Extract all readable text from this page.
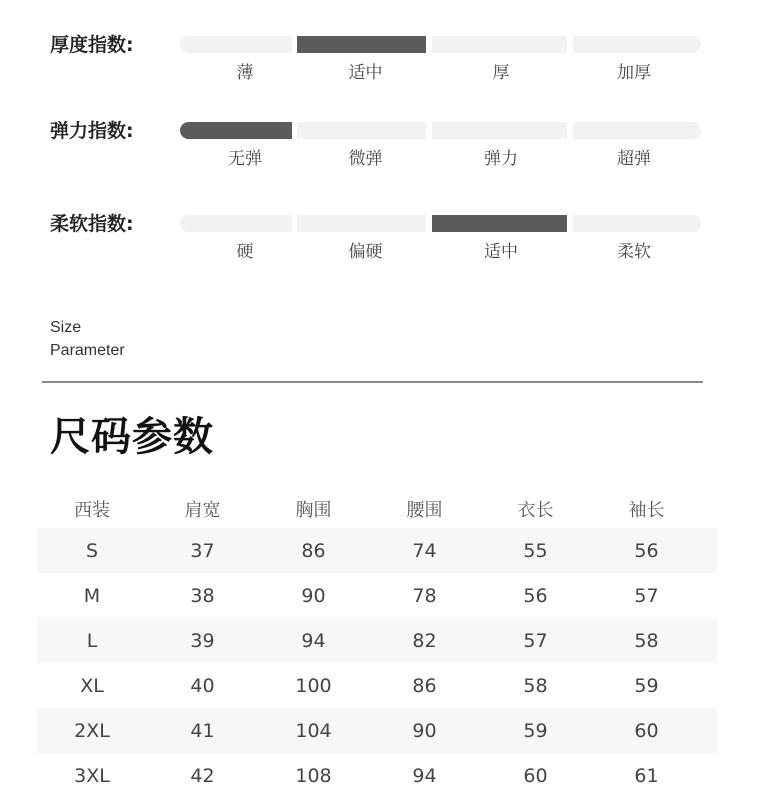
厚度指数:
薄	适中	厚	加厚
弹力指数:
无弹	微弹	弹力	超弹
柔软指数:
硬	偏硬	适中	柔软
Size
Parameter
尺码参数
西装	肩宽	胸围	腰围	衣长	袖长
S	37	86	74	55	56
M	38	90	78	56	57
L	39	94	82	57	58
XL	40	100	86	58	59
2XL	41	104	90	59	60
3XL	42	108	94	60	61
